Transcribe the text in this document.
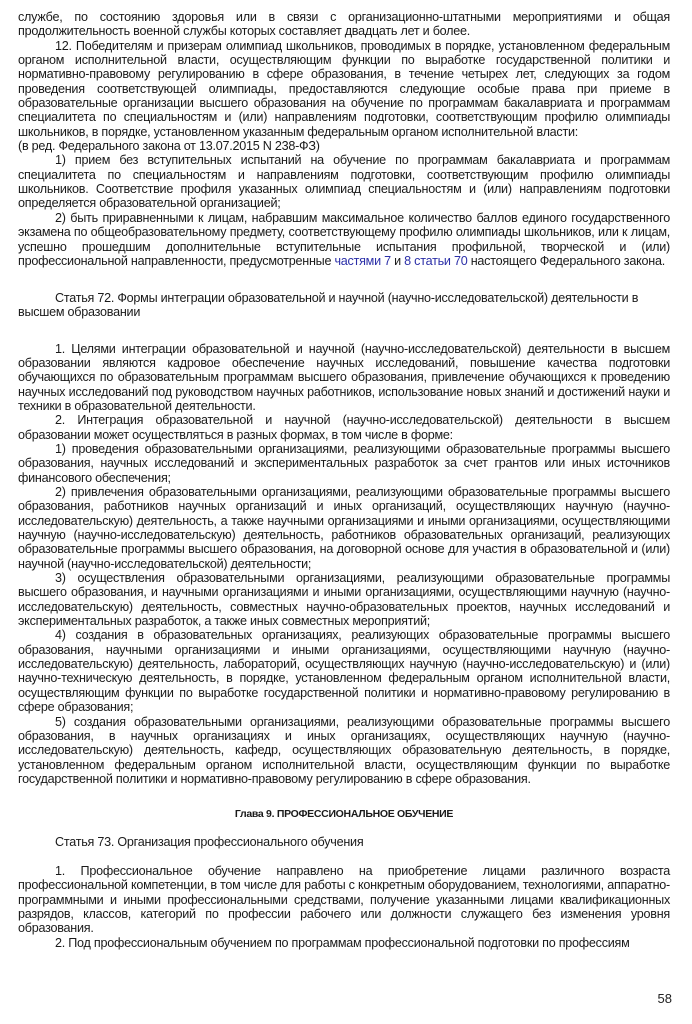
службе, по состоянию здоровья или в связи с организационно-штатными мероприятиями и общая продолжительность военной службы которых составляет двадцать лет и более.

12. Победителям и призерам олимпиад школьников, проводимых в порядке, установленном федеральным органом исполнительной власти, осуществляющим функции по выработке государственной политики и нормативно-правовому регулированию в сфере образования, в течение четырех лет, следующих за годом проведения соответствующей олимпиады, предоставляются следующие особые права при приеме в образовательные организации высшего образования на обучение по программам бакалавриата и программам специалитета по специальностям и (или) направлениям подготовки, соответствующим профилю олимпиады школьников, в порядке, установленном указанным федеральным органом исполнительной власти:

(в ред. Федерального закона от 13.07.2015 N 238-ФЗ)

1) прием без вступительных испытаний на обучение по программам бакалавриата и программам специалитета по специальностям и направлениям подготовки, соответствующим профилю олимпиады школьников. Соответствие профиля указанных олимпиад специальностям и (или) направлениям подготовки определяется образовательной организацией;

2) быть приравненными к лицам, набравшим максимальное количество баллов единого государственного экзамена по общеобразовательному предмету, соответствующему профилю олимпиады школьников, или к лицам, успешно прошедшим дополнительные вступительные испытания профильной, творческой и (или) профессиональной направленности, предусмотренные частями 7 и 8 статьи 70 настоящего Федерального закона.

Статья 72. Формы интеграции образовательной и научной (научно-исследовательской) деятельности в высшем образовании

1. Целями интеграции образовательной и научной (научно-исследовательской) деятельности в высшем образовании являются кадровое обеспечение научных исследований, повышение качества подготовки обучающихся по образовательным программам высшего образования, привлечение обучающихся к проведению научных исследований под руководством научных работников, использование новых знаний и достижений науки и техники в образовательной деятельности.

2. Интеграция образовательной и научной (научно-исследовательской) деятельности в высшем образовании может осуществляться в разных формах, в том числе в форме:

1) проведения образовательными организациями, реализующими образовательные программы высшего образования, научных исследований и экспериментальных разработок за счет грантов или иных источников финансового обеспечения;

2) привлечения образовательными организациями, реализующими образовательные программы высшего образования, работников научных организаций и иных организаций, осуществляющих научную (научно-исследовательскую) деятельность, а также научными организациями и иными организациями, осуществляющими научную (научно-исследовательскую) деятельность, работников образовательных организаций, реализующих образовательные программы высшего образования, на договорной основе для участия в образовательной и (или) научной (научно-исследовательской) деятельности;

3) осуществления образовательными организациями, реализующими образовательные программы высшего образования, и научными организациями и иными организациями, осуществляющими научную (научно-исследовательскую) деятельность, совместных научно-образовательных проектов, научных исследований и экспериментальных разработок, а также иных совместных мероприятий;

4) создания в образовательных организациях, реализующих образовательные программы высшего образования, научными организациями и иными организациями, осуществляющими научную (научно-исследовательскую) деятельность, лабораторий, осуществляющих научную (научно-исследовательскую) и (или) научно-техническую деятельность, в порядке, установленном федеральным органом исполнительной власти, осуществляющим функции по выработке государственной политики и нормативно-правовому регулированию в сфере образования;

5) создания образовательными организациями, реализующими образовательные программы высшего образования, в научных организациях и иных организациях, осуществляющих научную (научно-исследовательскую) деятельность, кафедр, осуществляющих образовательную деятельность, в порядке, установленном федеральным органом исполнительной власти, осуществляющим функции по выработке государственной политики и нормативно-правовому регулированию в сфере образования.

Глава 9. ПРОФЕССИОНАЛЬНОЕ ОБУЧЕНИЕ

Статья 73. Организация профессионального обучения

1. Профессиональное обучение направлено на приобретение лицами различного возраста профессиональной компетенции, в том числе для работы с конкретным оборудованием, технологиями, аппаратно-программными и иными профессиональными средствами, получение указанными лицами квалификационных разрядов, классов, категорий по профессии рабочего или должности служащего без изменения уровня образования.

2. Под профессиональным обучением по программам профессиональной подготовки по профессиям

58
